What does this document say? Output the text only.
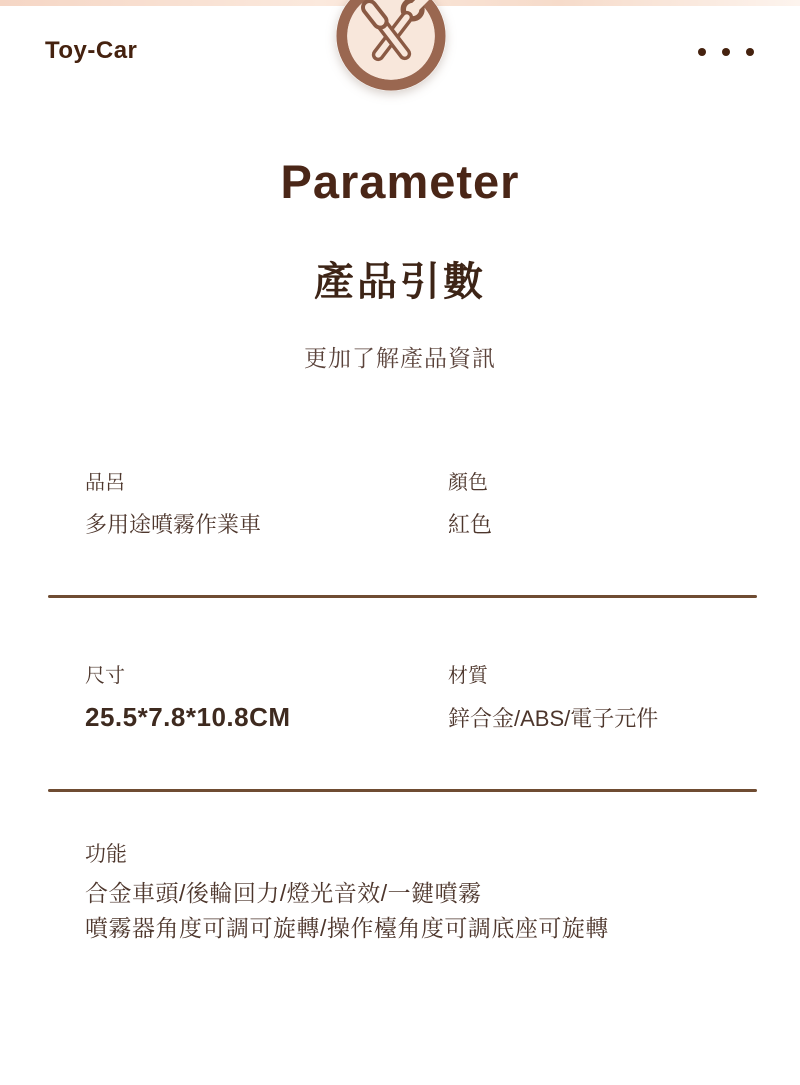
Toy-Car
Parameter
產品引數
更加了解產品資訊
品呂	顏色
多用途噴霧作業車	紅色
尺寸	材質
25.5*7.8*10.8CM	鋅合金/ABS/電子元件
功能
合金車頭/後輪回力/燈光音效/一鍵噴霧
噴霧器角度可調可旋轉/操作檯角度可調底座可旋轉
